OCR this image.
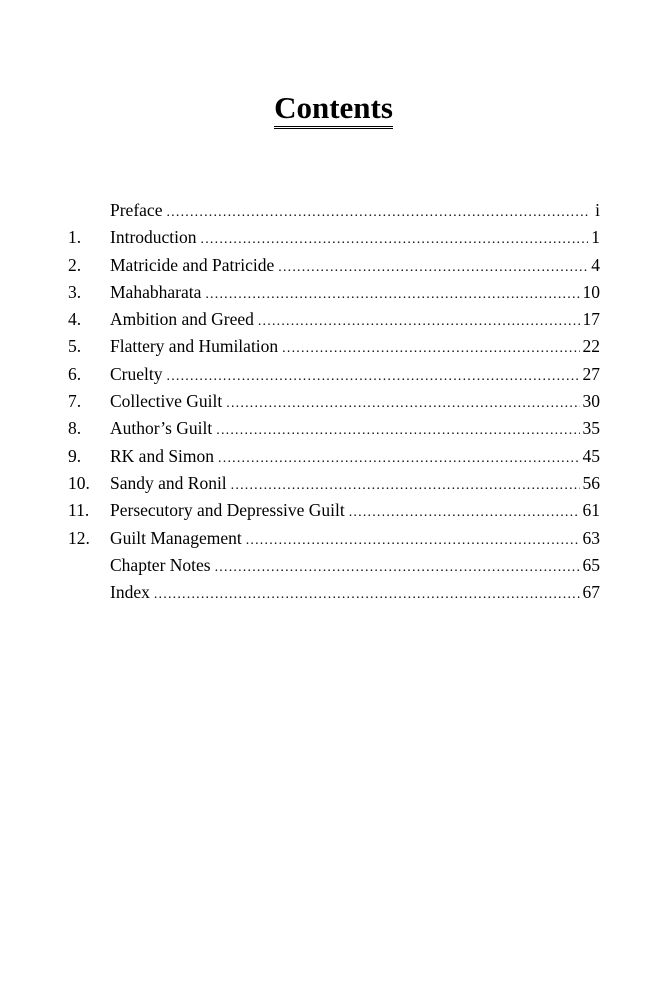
Contents
Preface .....	i
1.	Introduction .....	1
2.	Matricide and Patricide .....	4
3.	Mahabharata .....	10
4.	Ambition and Greed .....	17
5.	Flattery and Humilation .....	22
6.	Cruelty .....	27
7.	Collective Guilt .....	30
8.	Author’s Guilt .....	35
9.	RK and Simon .....	45
10.	Sandy and Ronil .....	56
11.	Persecutory and Depressive Guilt .....	61
12.	Guilt Management .....	63
Chapter Notes .....	65
Index .....	67
